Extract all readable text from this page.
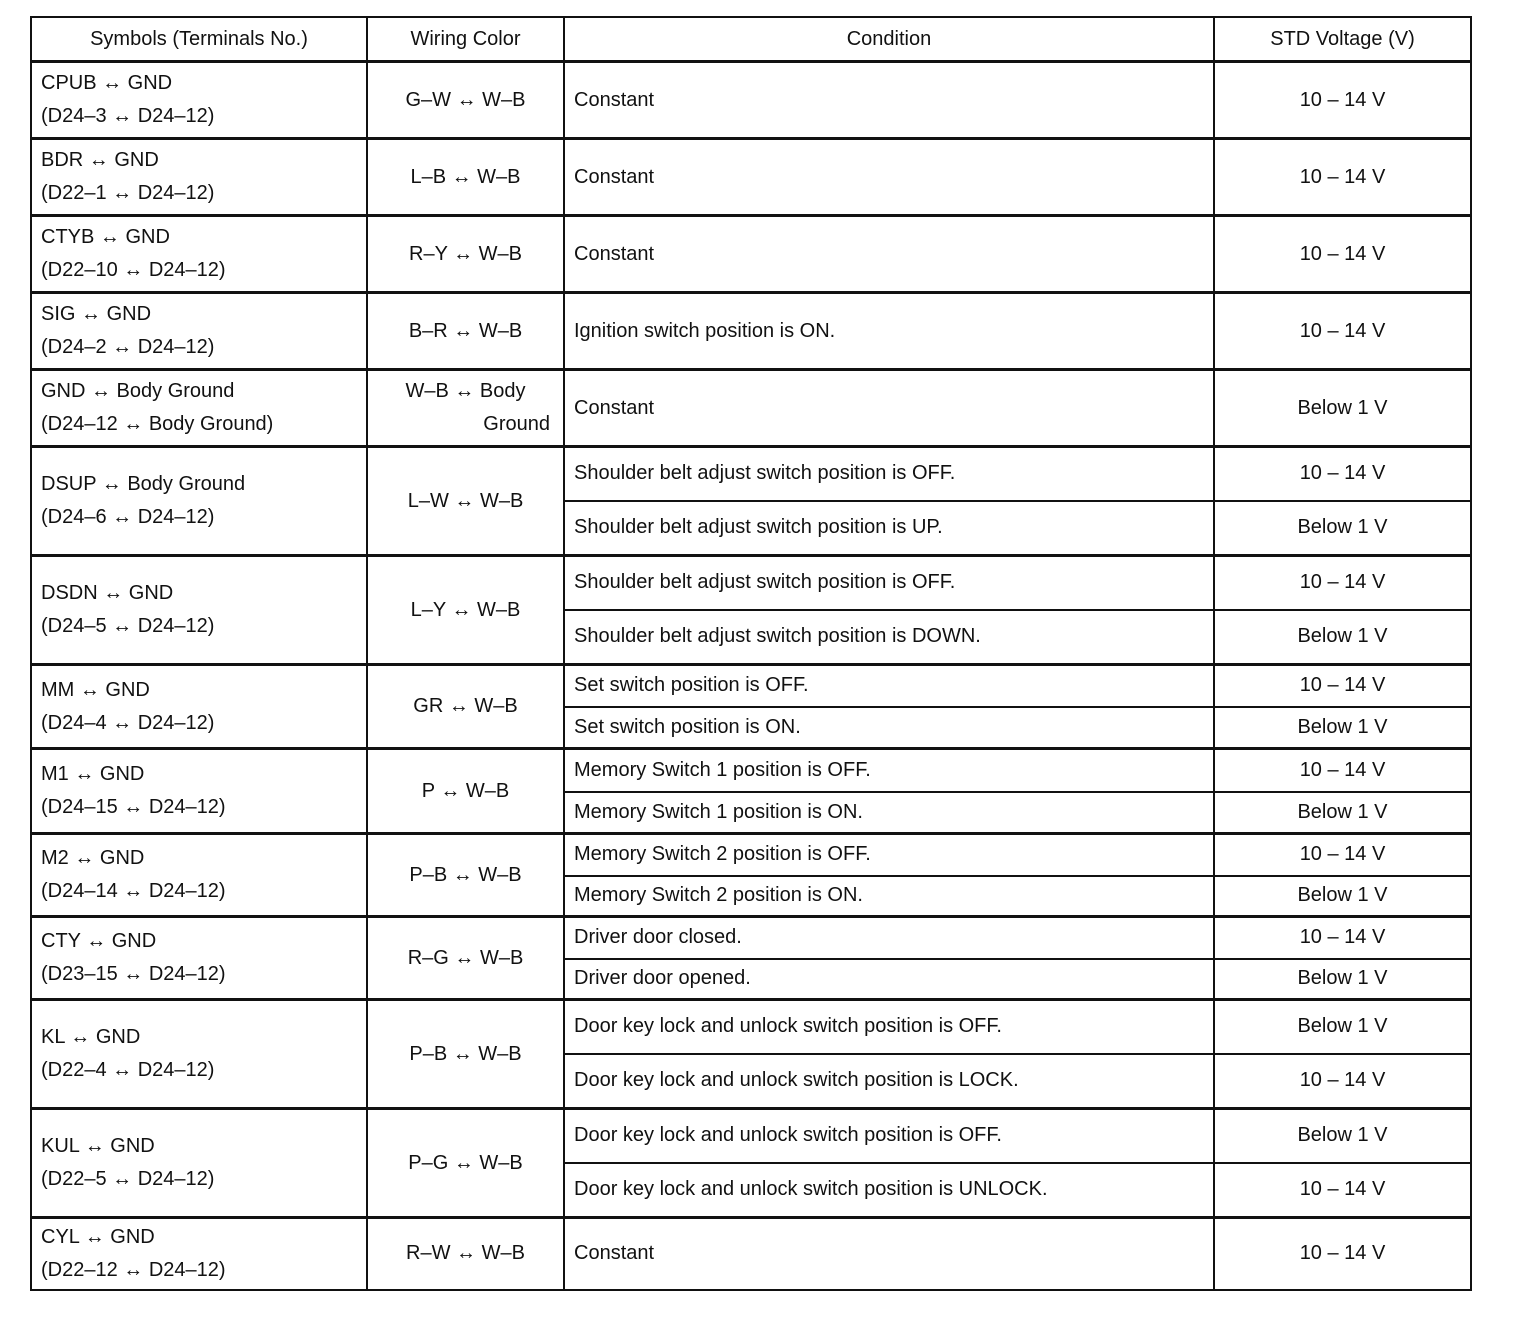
Symbols (Terminals No.)	Wiring Color	Condition	STD Voltage (V)

CPUB ↔ GND
(D24–3 ↔ D24–12)	G–W ↔ W–B	Constant	10 – 14 V

BDR ↔ GND
(D22–1 ↔ D24–12)	L–B ↔ W–B	Constant	10 – 14 V

CTYB ↔ GND
(D22–10 ↔ D24–12)	R–Y ↔ W–B	Constant	10 – 14 V

SIG ↔ GND
(D24–2 ↔ D24–12)	B–R ↔ W–B	Ignition switch position is ON.	10 – 14 V

GND ↔ Body Ground
(D24–12 ↔ Body Ground)	W–B ↔ Body
Ground	Constant	Below 1 V

DSUP ↔ Body Ground
(D24–6 ↔ D24–12)	L–W ↔ W–B	Shoulder belt adjust switch position is OFF.	10 – 14 V
		Shoulder belt adjust switch position is UP.	Below 1 V

DSDN ↔ GND
(D24–5 ↔ D24–12)	L–Y ↔ W–B	Shoulder belt adjust switch position is OFF.	10 – 14 V
		Shoulder belt adjust switch position is DOWN.	Below 1 V

MM ↔ GND
(D24–4 ↔ D24–12)	GR ↔ W–B	Set switch position is OFF.	10 – 14 V
		Set switch position is ON.	Below 1 V

M1 ↔ GND
(D24–15 ↔ D24–12)	P ↔ W–B	Memory Switch 1 position is OFF.	10 – 14 V
		Memory Switch 1 position is ON.	Below 1 V

M2 ↔ GND
(D24–14 ↔ D24–12)	P–B ↔ W–B	Memory Switch 2 position is OFF.	10 – 14 V
		Memory Switch 2 position is ON.	Below 1 V

CTY ↔ GND
(D23–15 ↔ D24–12)	R–G ↔ W–B	Driver door closed.	10 – 14 V
		Driver door opened.	Below 1 V

KL ↔ GND
(D22–4 ↔ D24–12)	P–B ↔ W–B	Door key lock and unlock switch position is OFF.	Below 1 V
		Door key lock and unlock switch position is LOCK.	10 – 14 V

KUL ↔ GND
(D22–5 ↔ D24–12)	P–G ↔ W–B	Door key lock and unlock switch position is OFF.	Below 1 V
		Door key lock and unlock switch position is UNLOCK.	10 – 14 V

CYL ↔ GND
(D22–12 ↔ D24–12)	R–W ↔ W–B	Constant	10 – 14 V
